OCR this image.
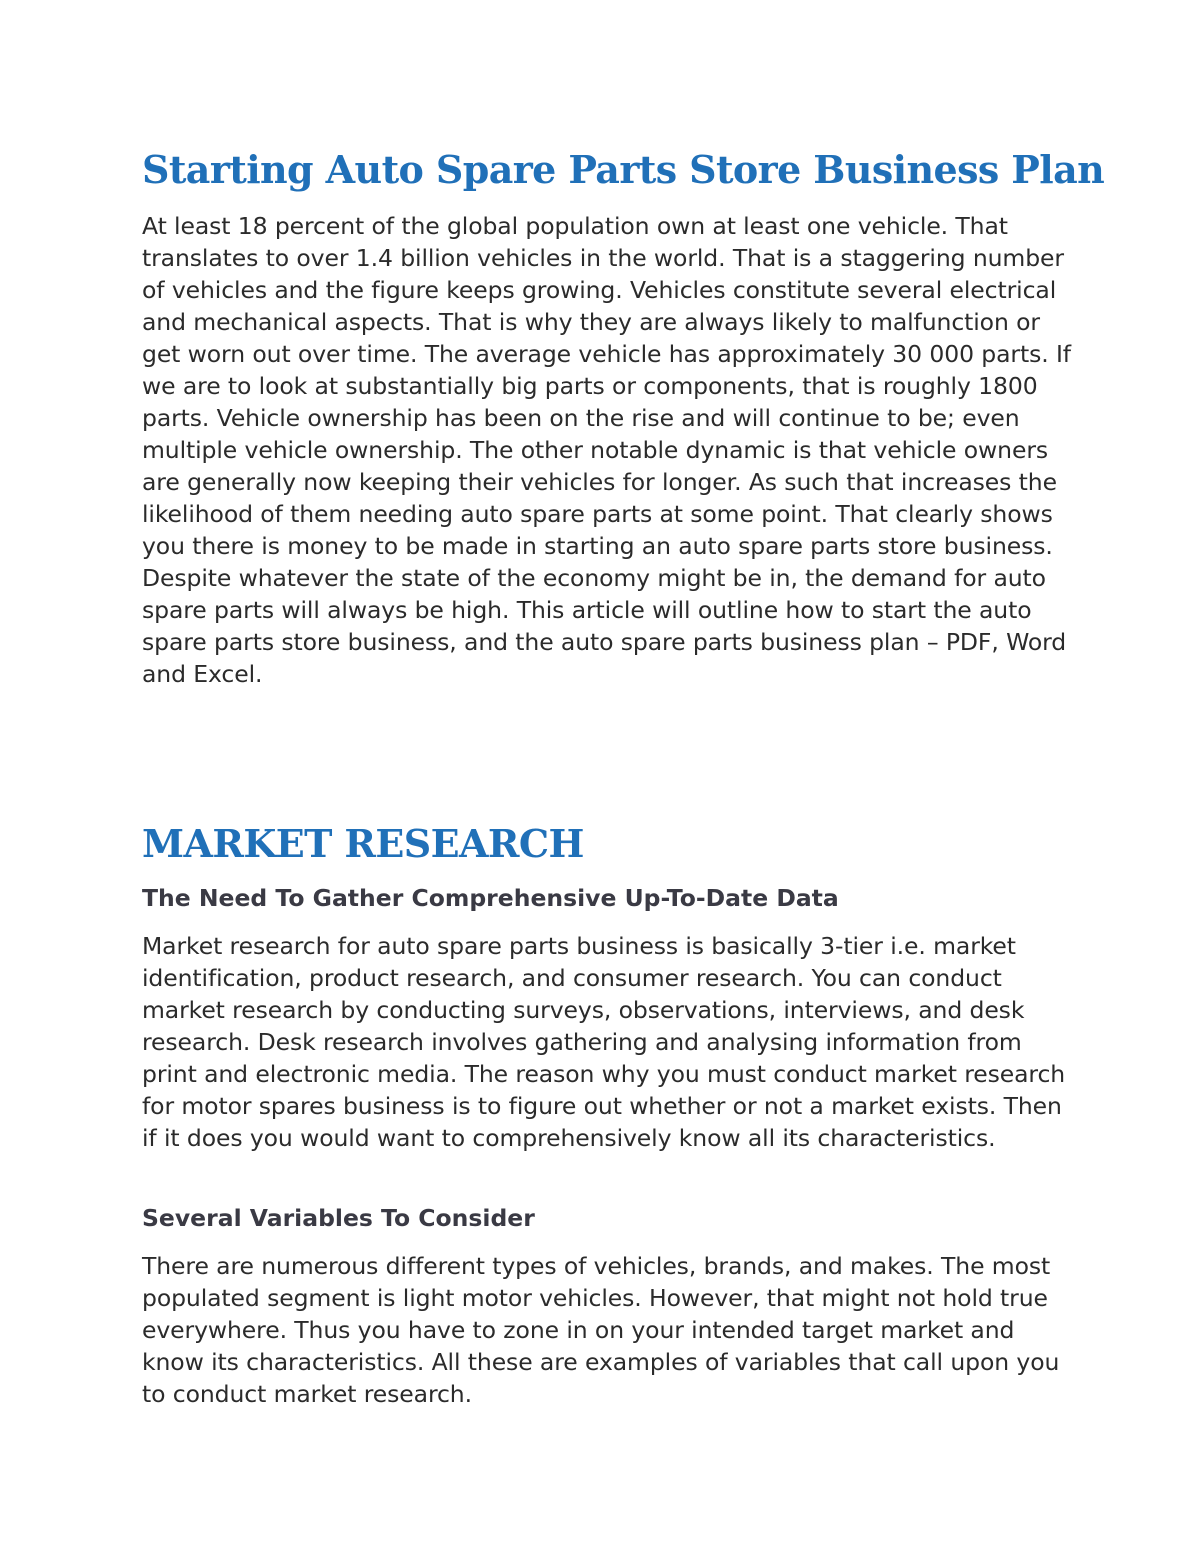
Starting Auto Spare Parts Store Business Plan

At least 18 percent of the global population own at least one vehicle. That translates to over 1.4 billion vehicles in the world. That is a staggering number of vehicles and the figure keeps growing. Vehicles constitute several electrical and mechanical aspects. That is why they are always likely to malfunction or get worn out over time. The average vehicle has approximately 30 000 parts. If we are to look at substantially big parts or components, that is roughly 1800 parts. Vehicle ownership has been on the rise and will continue to be; even multiple vehicle ownership. The other notable dynamic is that vehicle owners are generally now keeping their vehicles for longer. As such that increases the likelihood of them needing auto spare parts at some point. That clearly shows you there is money to be made in starting an auto spare parts store business. Despite whatever the state of the economy might be in, the demand for auto spare parts will always be high. This article will outline how to start the auto spare parts store business, and the auto spare parts business plan – PDF, Word and Excel.

MARKET RESEARCH
The Need To Gather Comprehensive Up-To-Date Data

Market research for auto spare parts business is basically 3-tier i.e. market identification, product research, and consumer research. You can conduct market research by conducting surveys, observations, interviews, and desk research. Desk research involves gathering and analysing information from print and electronic media. The reason why you must conduct market research for motor spares business is to figure out whether or not a market exists. Then if it does you would want to comprehensively know all its characteristics.

Several Variables To Consider

There are numerous different types of vehicles, brands, and makes. The most populated segment is light motor vehicles. However, that might not hold true everywhere. Thus you have to zone in on your intended target market and know its characteristics. All these are examples of variables that call upon you to conduct market research.
